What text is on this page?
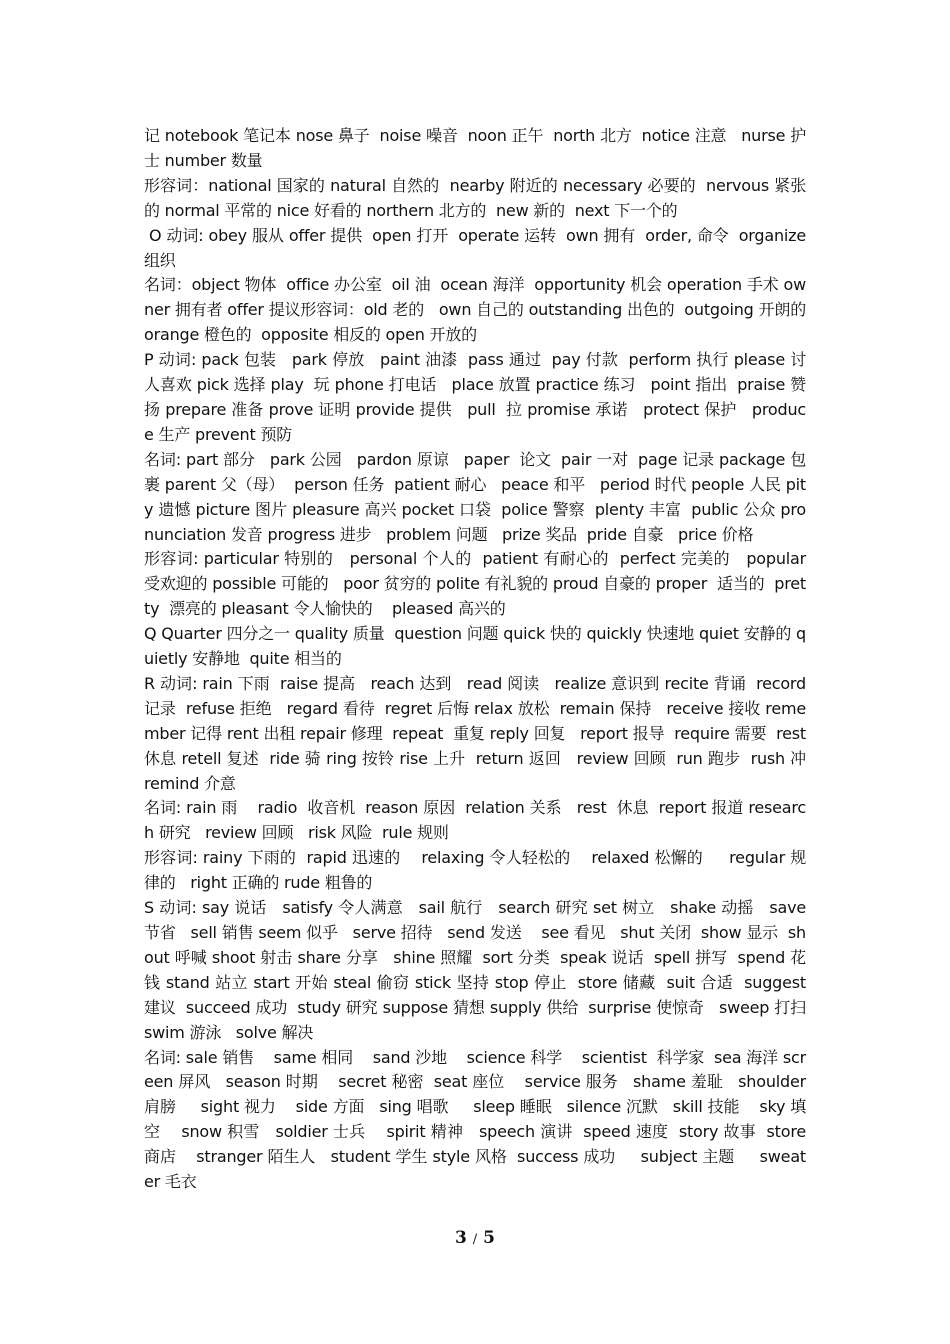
记 notebook 笔记本 nose 鼻子  noise 噪音  noon 正午  north 北方  notice 注意   nurse 护士 number 数量

形容词：national 国家的 natural 自然的  nearby 附近的 necessary 必要的  nervous 紧张的 normal 平常的 nice 好看的 northern 北方的  new 新的  next 下一个的

O 动词: obey 服从 offer 提供  open 打开  operate 运转  own 拥有  order, 命令  organize 组织

名词：object 物体  office 办公室  oil 油  ocean 海洋  opportunity 机会 operation 手术 owner 拥有者 offer 提议形容词：old 老的   own 自己的 outstanding 出色的  outgoing 开朗的  orange 橙色的  opposite 相反的 open 开放的

P 动词: pack 包装   park 停放   paint 油漆  pass 通过  pay 付款  perform 执行 please 讨人喜欢 pick 选择 play  玩 phone 打电话   place 放置 practice 练习   point 指出  praise 赞扬 prepare 准备 prove 证明 provide 提供   pull  拉 promise 承诺   protect 保护   produce 生产 prevent 预防

名词: part 部分   park 公园   pardon 原谅   paper  论文  pair 一对  page 记录 package 包裹 parent 父（母）  person 任务  patient 耐心   peace 和平   period 时代 people 人民 pity 遗憾 picture 图片 pleasure 高兴 pocket 口袋  police 警察  plenty 丰富  public 公众 pronunciation 发音 progress 进步   problem 问题   prize 奖品  pride 自豪   price 价格

形容词: particular 特别的   personal 个人的  patient 有耐心的  perfect 完美的   popular 受欢迎的 possible 可能的   poor 贫穷的 polite 有礼貌的 proud 自豪的 proper  适当的  pretty  漂亮的 pleasant 令人愉快的    pleased 高兴的

Q Quarter 四分之一 quality 质量  question 问题 quick 快的 quickly 快速地 quiet 安静的 quietly 安静地  quite 相当的

R 动词: rain 下雨  raise 提高   reach 达到   read 阅读   realize 意识到 recite 背诵  record 记录  refuse 拒绝   regard 看待  regret 后悔 relax 放松  remain 保持   receive 接收 remember 记得 rent 出租 repair 修理  repeat  重复 reply 回复   report 报导  require 需要  rest 休息 retell 复述  ride 骑 ring 按铃 rise 上升  return 返回   review 回顾  run 跑步  rush 冲   remind 介意

名词: rain 雨    radio  收音机  reason 原因  relation 关系   rest  休息  report 报道 research 研究   review 回顾   risk 风险  rule 规则

形容词: rainy 下雨的  rapid 迅速的    relaxing 令人轻松的    relaxed 松懈的     regular 规律的   right 正确的 rude 粗鲁的

S 动词: say 说话   satisfy 令人满意   sail 航行   search 研究 set 树立   shake 动摇   save 节省   sell 销售 seem 似乎   serve 招待   send 发送    see 看见   shut 关闭  show 显示  shout 呼喊 shoot 射击 share 分享   shine 照耀  sort 分类  speak 说话  spell 拼写  spend 花钱 stand 站立 start 开始 steal 偷窃 stick 坚持 stop 停止  store 储藏  suit 合适  suggest 建议  succeed 成功  study 研究 suppose 猜想 supply 供给  surprise 使惊奇   sweep 打扫  swim 游泳   solve 解决

名词: sale 销售    same 相同    sand 沙地    science 科学    scientist  科学家  sea 海洋 screen 屏风   season 时期    secret 秘密  seat 座位    service 服务   shame 羞耻   shoulder 肩膀     sight 视力    side 方面   sing 唱歌     sleep 睡眠   silence 沉默   skill 技能    sky 填空    snow 积雪   soldier 士兵    spirit 精神   speech 演讲  speed 速度  story 故事  store 商店    stranger 陌生人   student 学生 style 风格  success 成功     subject 主题     sweater 毛衣

3 / 5
